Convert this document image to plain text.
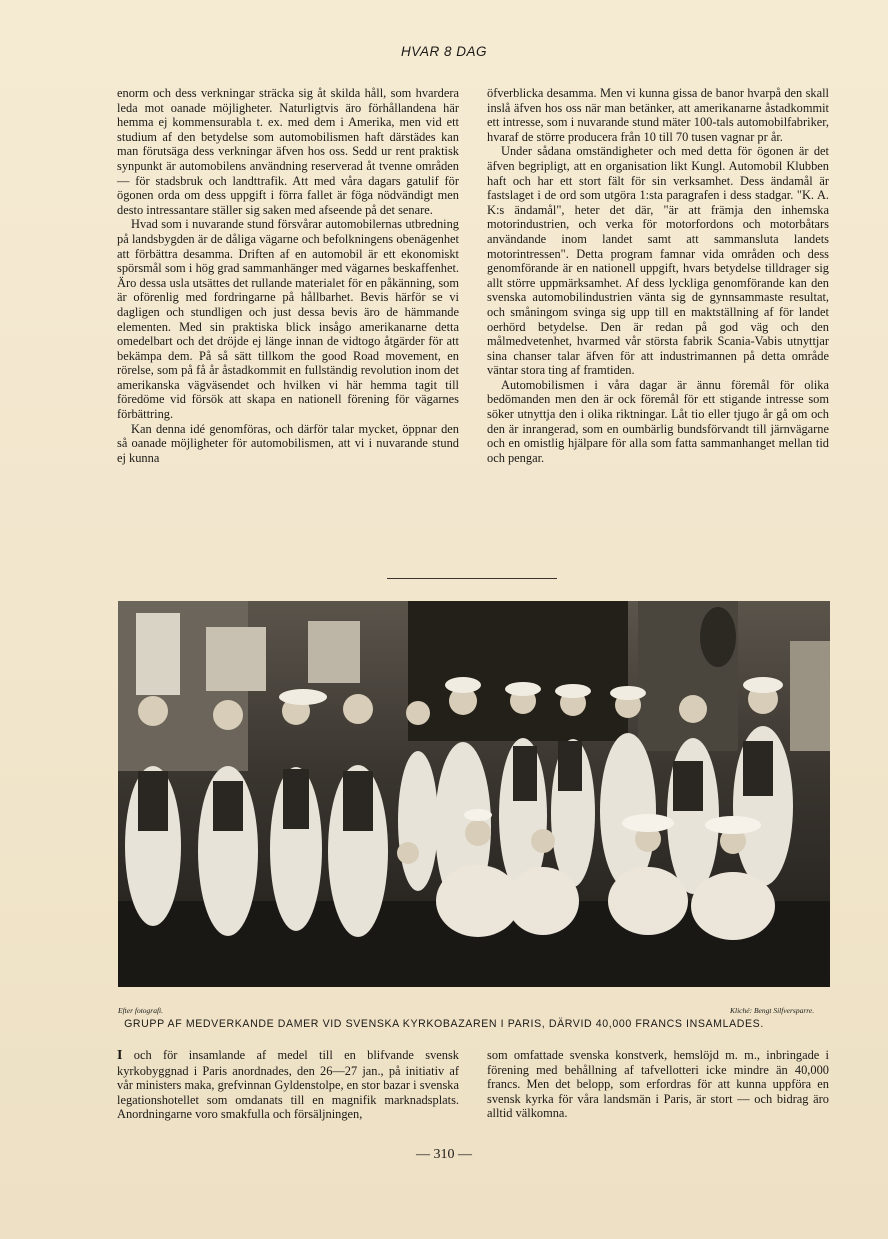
HVAR 8 DAG

enorm och dess verkningar sträcka sig åt skilda håll, som hvardera leda mot oanade möjligheter. Naturligtvis äro förhållandena här hemma ej kommensurabla t. ex. med dem i Amerika, men vid ett studium af den betydelse som automobilismen haft därstädes kan man förutsäga dess verkningar äfven hos oss. Sedd ur rent praktisk synpunkt är automobilens användning reserverad åt tvenne områden — för stadsbruk och landttrafik. Att med våra dagars gatulif för ögonen orda om dess uppgift i förra fallet är föga nödvändigt men desto intressantare ställer sig saken med afseende på det senare.

Hvad som i nuvarande stund försvårar automobilernas utbredning på landsbygden är de dåliga vägarne och befolkningens obenägenhet att förbättra desamma. Driften af en automobil är ett ekonomiskt spörsmål som i hög grad sammanhänger med vägarnes beskaffenhet. Äro dessa usla utsättes det rullande materialet för en påkänning, som är oförenlig med fordringarne på hållbarhet. Bevis härför se vi dagligen och stundligen och just dessa bevis äro de hämmande elementen. Med sin praktiska blick insågo amerikanarne detta omedelbart och det dröjde ej länge innan de vidtogo åtgärder för att bekämpa dem. På så sätt tillkom the good Road movement, en rörelse, som på få år åstadkommit en fullständig revolution inom det amerikanska vägväsendet och hvilken vi här hemma tagit till föredöme vid försök att skapa en nationell förening för vägarnes förbättring.

Kan denna idé genomföras, och därför talar mycket, öppnar den så oanade möjligheter för automobilismen, att vi i nuvarande stund ej kunna

öfverblicka desamma. Men vi kunna gissa de banor hvarpå den skall inslå äfven hos oss när man betänker, att amerikanarne åstadkommit ett intresse, som i nuvarande stund mäter 100-tals automobilfabriker, hvaraf de större producera från 10 till 70 tusen vagnar pr år.

Under sådana omständigheter och med detta för ögonen är det äfven begripligt, att en organisation likt Kungl. Automobil Klubben haft och har ett stort fält för sin verksamhet. Dess ändamål är fastslaget i de ord som utgöra 1:sta paragrafen i dess stadgar. "K. A. K:s ändamål", heter det där, "är att främja den inhemska motorindustrien, och verka för motorfordons och motorbåtars användande inom landet samt att sammansluta landets motorintressen". Detta program famnar vida områden och dess genomförande är en nationell uppgift, hvars betydelse tilldrager sig allt större uppmärksamhet. Af dess lyckliga genomförande kan den svenska automobilindustrien vänta sig de gynnsammaste resultat, och småningom svinga sig upp till en maktställning af för landet oerhörd betydelse. Den är redan på god väg och den målmedvetenhet, hvarmed vår största fabrik Scania-Vabis utnyttjar sina chanser talar äfven för att industrimannen på detta område väntar stora ting af framtiden.

Automobilismen i våra dagar är ännu föremål för olika bedömanden men den är ock föremål för ett stigande intresse som söker utnyttja den i olika riktningar. Låt tio eller tjugo år gå om och den är inrangerad, som en oumbärlig bundsförvandt till järnvägarne och en omistlig hjälpare för alla som fatta sammanhanget mellan tid och pengar.

Efter fotografi.	Kliché: Bengt Silfversparre.
GRUPP AF MEDVERKANDE DAMER VID SVENSKA KYRKOBAZAREN I PARIS, DÄRVID 40,000 FRANCS INSAMLADES.

I och för insamlande af medel till en blifvande svensk kyrkobyggnad i Paris anordnades, den 26—27 jan., på initiativ af vår ministers maka, grefvinnan Gyldenstolpe, en stor bazar i svenska legationshotellet som omdanats till en magnifik marknadsplats. Anordningarne voro smakfulla och försäljningen,

som omfattade svenska konstverk, hemslöjd m. m., inbringade i förening med behållning af tafvellotteri icke mindre än 40,000 francs. Men det belopp, som erfordras för att kunna uppföra en svensk kyrka för våra landsmän i Paris, är stort — och bidrag äro alltid välkomna.

— 310 —
